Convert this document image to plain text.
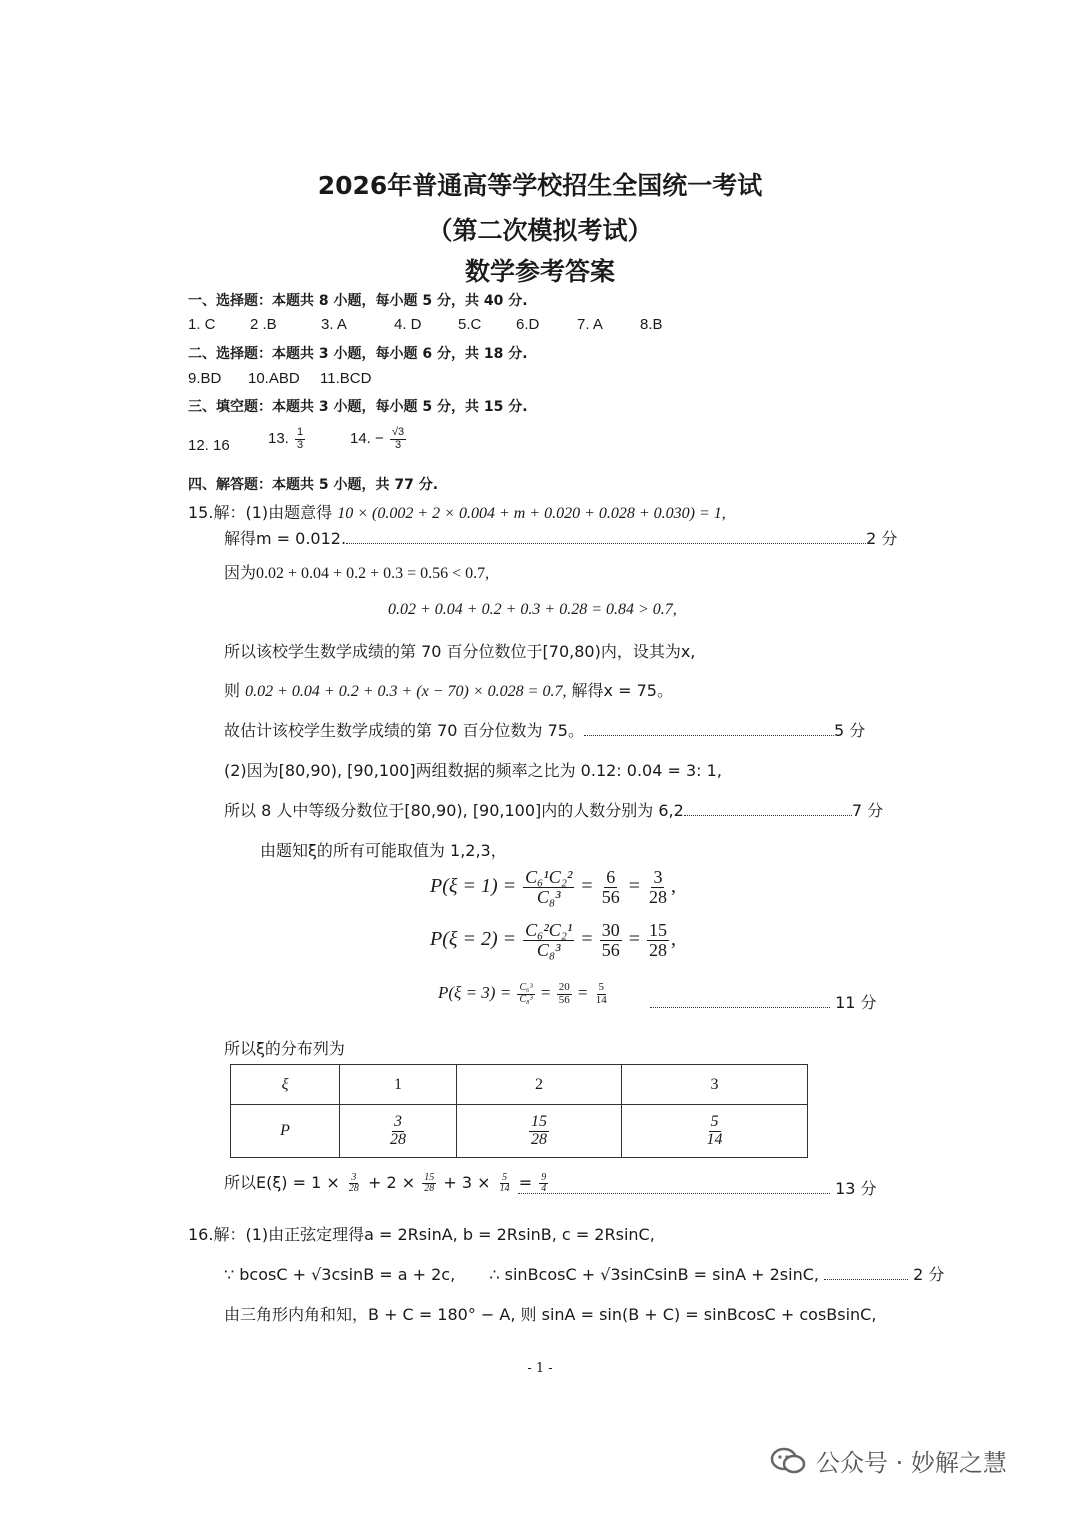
2026年普通高等学校招生全国统一考试
（第二次模拟考试）
数学参考答案
一、选择题：本题共 8 小题，每小题 5 分，共 40 分.
1. C 2 .B	3. A	4. D 5.C 6.D	7. A 8.B
二、选择题：本题共 3 小题，每小题 6 分，共 18 分.
9.BD 10.ABD 11.BCD
三、填空题：本题共 3 小题，每小题 5 分，共 15 分.
12. 16	13. $\frac{1}{3}$	14. − $\frac{√3}{3}$
四、解答题：本题共 5 小题，共 77 分.
15.解：(1)由题意得 10 × (0.002 + 2 × 0.004 + m + 0.020 + 0.028 + 0.030) = 1,
解得m = 0.012.	2 分
因为0.02 + 0.04 + 0.2 + 0.3 = 0.56 < 0.7,
0.02 + 0.04 + 0.2 + 0.3 + 0.28 = 0.84 > 0.7,
所以该校学生数学成绩的第 70 百分位数位于[70,80)内，设其为x,
则 0.02 + 0.04 + 0.2 + 0.3 + (x − 70) × 0.028 = 0.7, 解得x = 75。
故估计该校学生数学成绩的第 70 百分位数为 75。	5 分
(2)因为[80,90), [90,100]两组数据的频率之比为 0.12: 0.04 = 3: 1,
所以 8 人中等级分数位于[80,90), [90,100]内的人数分别为 6,2	7 分
由题知ξ的所有可能取值为 1,2,3，
$P(\xi = 1) = \frac{\text{C₆¹C₂²}}{\text{C₈³}} = \frac{6}{56} = \frac{3}{28}$ ,
$P(\xi = 2) = \frac{\text{C₆²C₂¹}}{\text{C₈³}} = \frac{30}{56} = \frac{15}{28}$ ,
$P(\xi = 3) = \frac{\text{C₆³}}{\text{C₈³}} = \frac{20}{56} = \frac{5}{14}$	11 分
所以ξ的分布列为
ξ	1	2	3
P	$\frac{3}{28}$	$\frac{15}{28}$	$\frac{5}{14}$
所以$E(\xi) = 1 \times \frac{3}{28} + 2 \times \frac{15}{28} + 3 \times \frac{5}{14} = \frac{9}{4}$	13 分
16.解：(1)由正弦定理得a = 2RsinA, b = 2RsinB, c = 2RsinC,
∵ bcosC + √3csinB = a + 2c, ∴ sinBcosC + √3sinCsinB = sinA + 2sinC,	2 分
由三角形内角和知，B + C = 180° − A, 则 sinA = sin(B + C) = sinBcosC + cosBsinC,
- 1 -
公众号 · 妙解之慧
